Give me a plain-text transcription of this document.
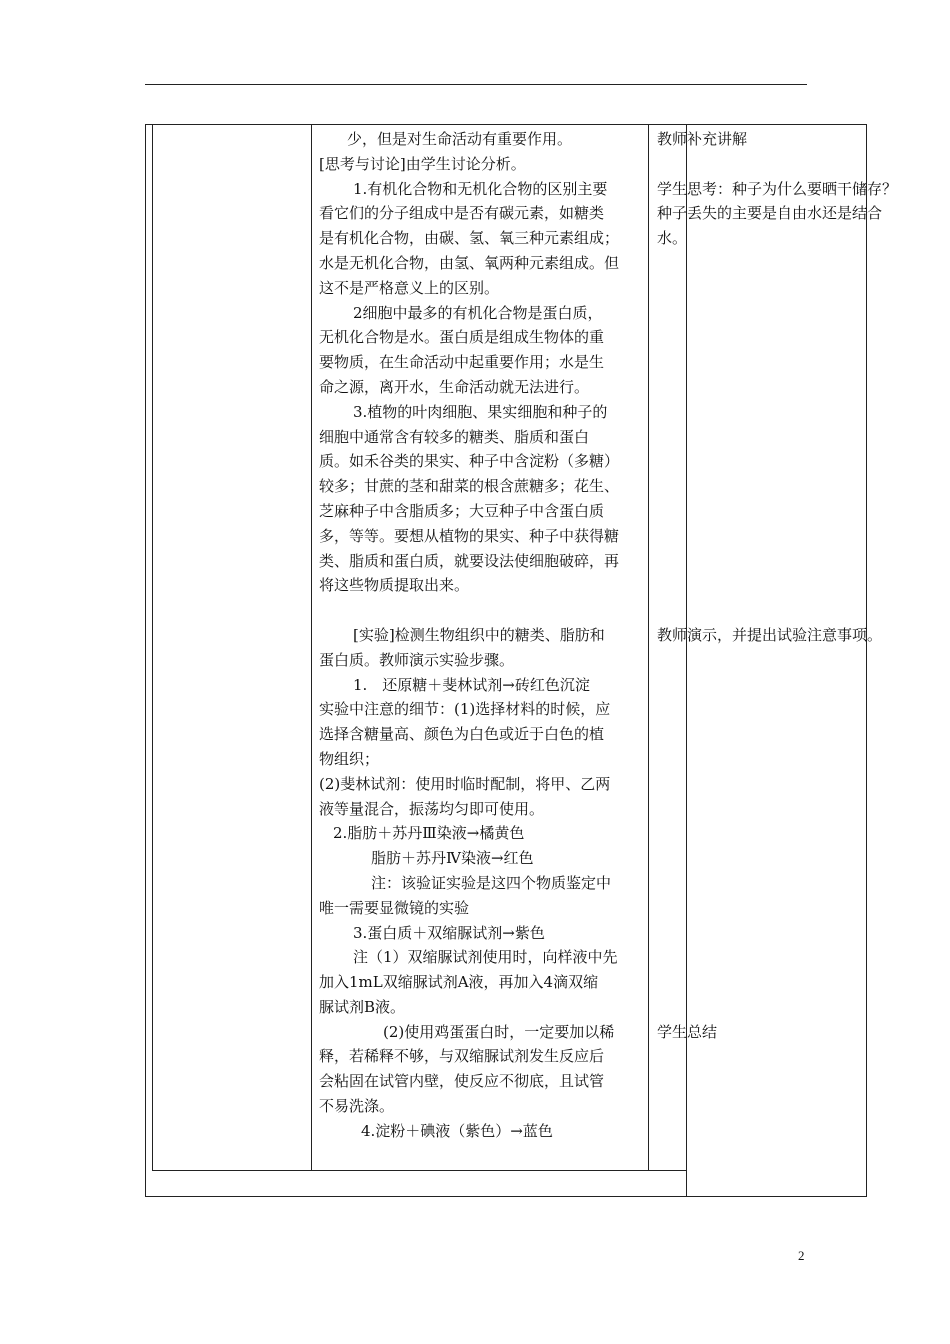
少，但是对生命活动有重要作用。

[思考与讨论]由学生讨论分析。

1.有机化合物和无机化合物的区别主要

看它们的分子组成中是否有碳元素，如糖类

是有机化合物，由碳、氢、氧三种元素组成；

水是无机化合物，由氢、氧两种元素组成。但

这不是严格意义上的区别。

2细胞中最多的有机化合物是蛋白质，

无机化合物是水。蛋白质是组成生物体的重

要物质，在生命活动中起重要作用；水是生

命之源，离开水，生命活动就无法进行。

3.植物的叶肉细胞、果实细胞和种子的

细胞中通常含有较多的糖类、脂质和蛋白

质。如禾谷类的果实、种子中含淀粉（多糖）

较多；甘蔗的茎和甜菜的根含蔗糖多；花生、

芝麻种子中含脂质多；大豆种子中含蛋白质

多，等等。要想从植物的果实、种子中获得糖

类、脂质和蛋白质，就要设法使细胞破碎，再

将这些物质提取出来。

[实验]检测生物组织中的糖类、脂肪和

蛋白质。教师演示实验步骤。

1.　还原糖＋斐林试剂→砖红色沉淀

实验中注意的细节：(1)选择材料的时候，应

选择含糖量高、颜色为白色或近于白色的植

物组织；

(2)斐林试剂：使用时临时配制，将甲、乙两

液等量混合，振荡均匀即可使用。

2.脂肪＋苏丹Ⅲ染液→橘黄色

脂肪＋苏丹Ⅳ染液→红色

注：该验证实验是这四个物质鉴定中

唯一需要显微镜的实验

3.蛋白质＋双缩脲试剂→紫色

注（1）双缩脲试剂使用时，向样液中先

加入1mL双缩脲试剂A液，再加入4滴双缩

脲试剂B液。

(2)使用鸡蛋蛋白时，一定要加以稀

释，若稀释不够，与双缩脲试剂发生反应后

会粘固在试管内壁，使反应不彻底，且试管

不易洗涤。

4.淀粉＋碘液（紫色）→蓝色

教师补充讲解

学生思考：种子为什么要晒干储存？

种子丢失的主要是自由水还是结合

水。

教师演示，并提出试验注意事项。

学生总结

2
